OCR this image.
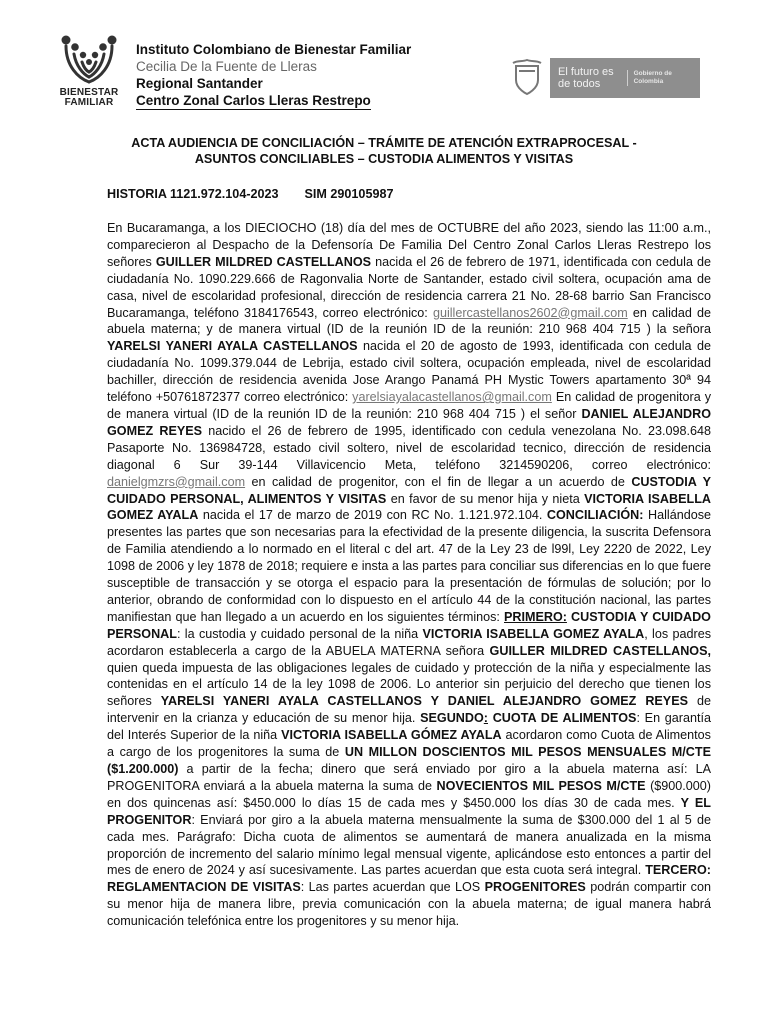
BIENESTAR FAMILIAR
Instituto Colombiano de Bienestar Familiar
Cecilia De la Fuente de Lleras
Regional Santander
Centro Zonal Carlos Lleras Restrepo
El futuro es de todos
Gobierno de Colombia
ACTA AUDIENCIA DE CONCILIACIÓN – TRÁMITE DE ATENCIÓN EXTRAPROCESAL -
ASUNTOS CONCILIABLES – CUSTODIA ALIMENTOS Y VISITAS
HISTORIA 1121.972.104-2023 SIM 290105987

En Bucaramanga, a los DIECIOCHO (18) día del mes de OCTUBRE del año 2023, siendo las 11:00 a.m., comparecieron al Despacho de la Defensoría De Familia Del Centro Zonal Carlos Lleras Restrepo los señores GUILLER MILDRED CASTELLANOS nacida el 26 de febrero de 1971, identificada con cedula de ciudadanía No. 1090.229.666 de Ragonvalia Norte de Santander, estado civil soltera, ocupación ama de casa, nivel de escolaridad profesional, dirección de residencia carrera 21 No. 28-68 barrio San Francisco Bucaramanga, teléfono 3184176543, correo electrónico: guillercastellanos2602@gmail.com en calidad de abuela materna; y de manera virtual (ID de la reunión ID de la reunión: 210 968 404 715 ) la señora YARELSI YANERI AYALA CASTELLANOS nacida el 20 de agosto de 1993, identificada con cedula de ciudadanía No. 1099.379.044 de Lebrija, estado civil soltera, ocupación empleada, nivel de escolaridad bachiller, dirección de residencia avenida Jose Arango Panamá PH Mystic Towers apartamento 30ª 94 teléfono +50761872377 correo electrónico: yarelsiayalacastellanos@gmail.com En calidad de progenitora y de manera virtual (ID de la reunión ID de la reunión: 210 968 404 715 ) el señor DANIEL ALEJANDRO GOMEZ REYES nacido el 26 de febrero de 1995, identificado con cedula venezolana No. 23.098.648 Pasaporte No. 136984728, estado civil soltero, nivel de escolaridad tecnico, dirección de residencia diagonal 6 Sur 39-144 Villavicencio Meta, teléfono 3214590206, correo electrónico: danielgmzrs@gmail.com en calidad de progenitor, con el fin de llegar a un acuerdo de CUSTODIA Y CUIDADO PERSONAL, ALIMENTOS Y VISITAS en favor de su menor hija y nieta VICTORIA ISABELLA GOMEZ AYALA nacida el 17 de marzo de 2019 con RC No. 1.121.972.104. CONCILIACIÓN: Hallándose presentes las partes que son necesarias para la efectividad de la presente diligencia, la suscrita Defensora de Familia atendiendo a lo normado en el literal c del art. 47 de la Ley 23 de l99l, Ley 2220 de 2022, Ley 1098 de 2006 y ley 1878 de 2018; requiere e insta a las partes para conciliar sus diferencias en lo que fuere susceptible de transacción y se otorga el espacio para la presentación de fórmulas de solución; por lo anterior, obrando de conformidad con lo dispuesto en el artículo 44 de la constitución nacional, las partes manifiestan que han llegado a un acuerdo en los siguientes términos: PRIMERO: CUSTODIA Y CUIDADO PERSONAL: la custodia y cuidado personal de la niña VICTORIA ISABELLA GOMEZ AYALA, los padres acordaron establecerla a cargo de la ABUELA MATERNA señora GUILLER MILDRED CASTELLANOS, quien queda impuesta de las obligaciones legales de cuidado y protección de la niña y especialmente las contenidas en el artículo 14 de la ley 1098 de 2006. Lo anterior sin perjuicio del derecho que tienen los señores YARELSI YANERI AYALA CASTELLANOS Y DANIEL ALEJANDRO GOMEZ REYES de intervenir en la crianza y educación de su menor hija. SEGUNDO: CUOTA DE ALIMENTOS: En garantía del Interés Superior de la niña VICTORIA ISABELLA GÓMEZ AYALA acordaron como Cuota de Alimentos a cargo de los progenitores la suma de UN MILLON DOSCIENTOS MIL PESOS MENSUALES M/CTE ($1.200.000) a partir de la fecha; dinero que será enviado por giro a la abuela materna así: LA PROGENITORA enviará a la abuela materna la suma de NOVECIENTOS MIL PESOS M/CTE ($900.000) en dos quincenas así: $450.000 lo días 15 de cada mes y $450.000 los días 30 de cada mes. Y EL PROGENITOR: Enviará por giro a la abuela materna mensualmente la suma de $300.000 del 1 al 5 de cada mes. Parágrafo: Dicha cuota de alimentos se aumentará de manera anualizada en la misma proporción de incremento del salario mínimo legal mensual vigente, aplicándose esto entonces a partir del mes de enero de 2024 y así sucesivamente. Las partes acuerdan que esta cuota será integral. TERCERO: REGLAMENTACION DE VISITAS: Las partes acuerdan que LOS PROGENITORES podrán compartir con su menor hija de manera libre, previa comunicación con la abuela materna; de igual manera habrá comunicación telefónica entre los progenitores y su menor hija.
